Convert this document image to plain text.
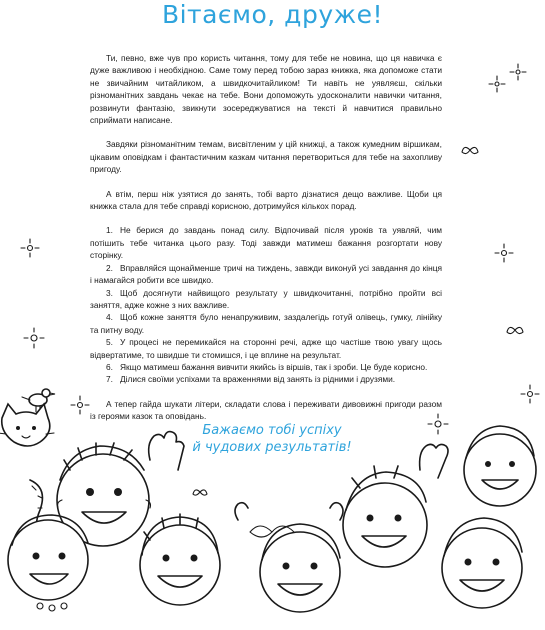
Вітаємо, друже!

Ти, певно, вже чув про користь читання, тому для тебе не новина, що ця навичка є дуже важливою і необхідною. Саме тому перед тобою зараз книжка, яка допоможе стати не звичайним читайликом, а швидкочитайликом! Ти навіть не уявляєш, скільки різноманітних завдань чекає на тебе. Вони допоможуть удосконалити навички читання, розвинути фантазію, звикнути зосереджуватися на тексті й навчитися правильно сприймати написане.

Завдяки різноманітним темам, висвітленим у цій книжці, а також кумедним віршикам, цікавим оповідкам і фантастичним казкам читання перетвориться для тебе на захопливу пригоду.

А втім, перш ніж узятися до занять, тобі варто дізнатися дещо важливе. Щоби ця книжка стала для тебе справді корисною, дотримуйся кількох порад.

1. Не берися до завдань понад силу. Відпочивай після уроків та уявляй, чим потішить тебе читанка цього разу. Тоді завжди матимеш бажання розгортати нову сторінку.
2. Вправляйся щонайменше тричі на тиждень, завжди виконуй усі завдання до кінця і намагайся робити все швидко.
3. Щоб досягнути найвищого результату у швидкочитанні, потрібно пройти всі заняття, адже кожне з них важливе.
4. Щоб кожне заняття було ненапруживим, заздалегідь готуй олівець, гумку, лінійку та питну воду.
5. У процесі не перемикайся на сторонні речі, адже що частіше твою увагу щось відвертатиме, то швидше ти стомишся, і це вплине на результат.
6. Якщо матимеш бажання вивчити якийсь із віршів, так і зроби. Це буде корисно.
7. Ділися своїми успіхами та враженнями від занять із рідними і друзями.

А тепер гайда шукати літери, складати слова і переживати дивовижні пригоди разом із героями казок та оповідань.

Бажаємо тобі успіху
й чудових результатів!
